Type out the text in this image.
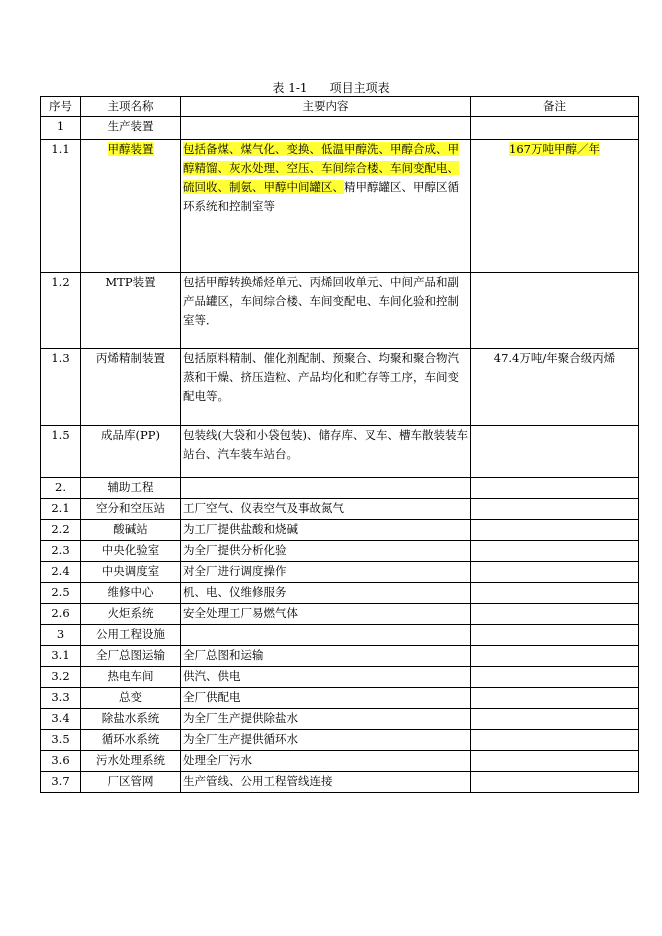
表 1-1 项目主项表
序号	主项名称	主要内容	备注
1	生产装置		
1.1	甲醇装置	包括备煤、煤气化、变换、低温甲醇洗、甲醇合成、甲醇精馏、灰水处理、空压、车间综合楼、车间变配电、硫回收、制氨、甲醇中间罐区、精甲醇罐区、甲醇区循环系统和控制室等	167万吨甲醇／年
1.2	MTP装置	包括甲醇转换烯烃单元、丙烯回收单元、中间产品和副产品罐区，车间综合楼、车间变配电、车间化验和控制室等．	
1.3	丙烯精制装置	包括原料精制、催化剂配制、预聚合、均聚和聚合物汽蒸和干燥、挤压造粒、产品均化和贮存等工序，车间变配电等。	47.4万吨/年聚合级丙烯
1.5	成品库(PP)	包装线(大袋和小袋包装)、储存库、叉车、槽车散装装车站台、汽车装车站台。	
2.	辅助工程		
2.1	空分和空压站	工厂空气、仪表空气及事故氮气	
2.2	酸碱站	为工厂提供盐酸和烧碱	
2.3	中央化验室	为全厂提供分析化验	
2.4	中央调度室	对全厂进行调度操作	
2.5	维修中心	机、电、仪维修服务	
2.6	火炬系统	安全处理工厂易燃气体	
3	公用工程设施		
3.1	全厂总图运输	全厂总图和运输	
3.2	热电车间	供汽、供电	
3.3	总变	全厂供配电	
3.4	除盐水系统	为全厂生产提供除盐水	
3.5	循环水系统	为全厂生产提供循环水	
3.6	污水处理系统	处理全厂污水	
3.7	厂区管网	生产管线、公用工程管线连接	
